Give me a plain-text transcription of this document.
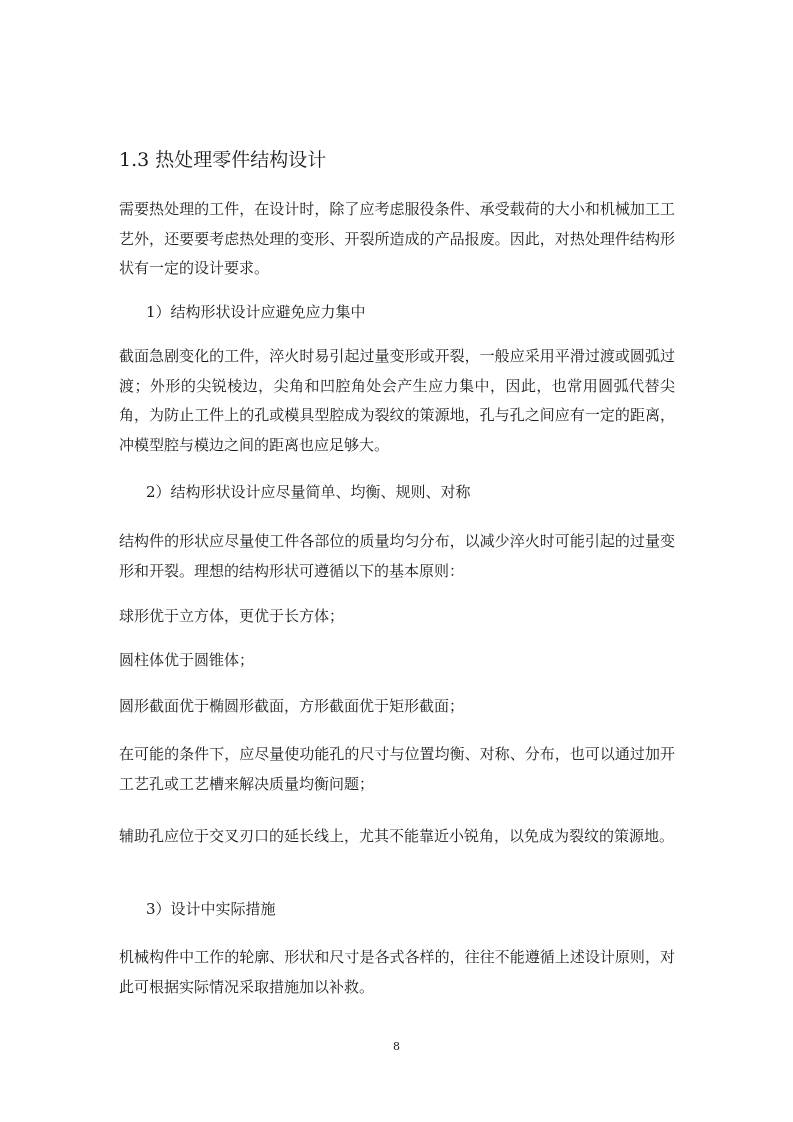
1.3 热处理零件结构设计

需要热处理的工件，在设计时，除了应考虑服役条件、承受载荷的大小和机械加工工艺外，还要要考虑热处理的变形、开裂所造成的产品报废。因此，对热处理件结构形状有一定的设计要求。

1）结构形状设计应避免应力集中

截面急剧变化的工件，淬火时易引起过量变形或开裂，一般应采用平滑过渡或圆弧过渡；外形的尖锐棱边，尖角和凹腔角处会产生应力集中，因此，也常用圆弧代替尖角，为防止工件上的孔或模具型腔成为裂纹的策源地，孔与孔之间应有一定的距离，冲模型腔与模边之间的距离也应足够大。

2）结构形状设计应尽量简单、均衡、规则、对称

结构件的形状应尽量使工件各部位的质量均匀分布，以减少淬火时可能引起的过量变形和开裂。理想的结构形状可遵循以下的基本原则：

球形优于立方体，更优于长方体；

圆柱体优于圆锥体；

圆形截面优于椭圆形截面，方形截面优于矩形截面；

在可能的条件下，应尽量使功能孔的尺寸与位置均衡、对称、分布，也可以通过加开工艺孔或工艺槽来解决质量均衡问题；

辅助孔应位于交叉刃口的延长线上，尤其不能靠近小锐角，以免成为裂纹的策源地。

3）设计中实际措施

机械构件中工作的轮廓、形状和尺寸是各式各样的，往往不能遵循上述设计原则，对此可根据实际情况采取措施加以补救。

8
